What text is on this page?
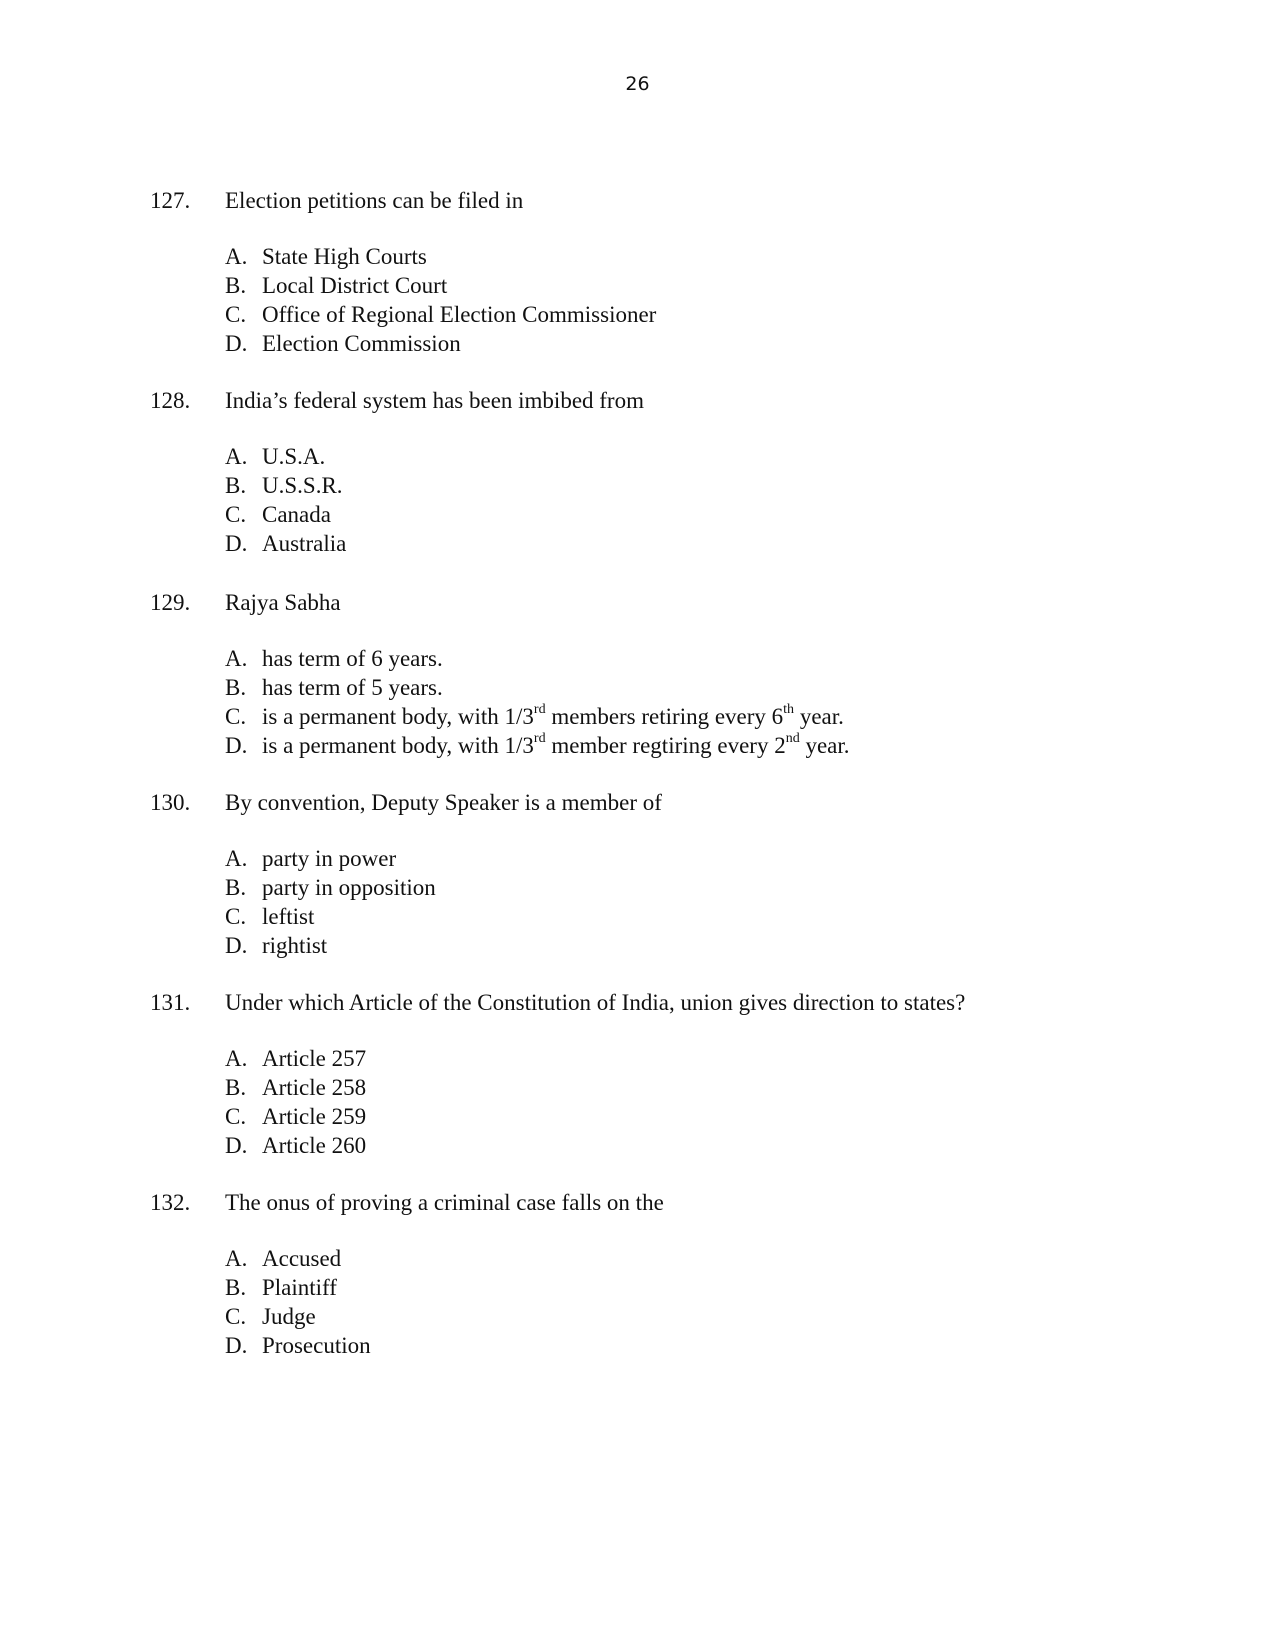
26
127. Election petitions can be filed in
A. State High Courts
B. Local District Court
C. Office of Regional Election Commissioner
D. Election Commission
128. India’s federal system has been imbibed from
A. U.S.A.
B. U.S.S.R.
C. Canada
D. Australia
129. Rajya Sabha
A. has term of 6 years.
B. has term of 5 years.
C. is a permanent body, with 1/3rd members retiring every 6th year.
D. is a permanent body, with 1/3rd member regtiring every 2nd year.
130. By convention, Deputy Speaker is a member of
A. party in power
B. party in opposition
C. leftist
D. rightist
131. Under which Article of the Constitution of India, union gives direction to states?
A. Article 257
B. Article 258
C. Article 259
D. Article 260
132. The onus of proving a criminal case falls on the
A. Accused
B. Plaintiff
C. Judge
D. Prosecution
